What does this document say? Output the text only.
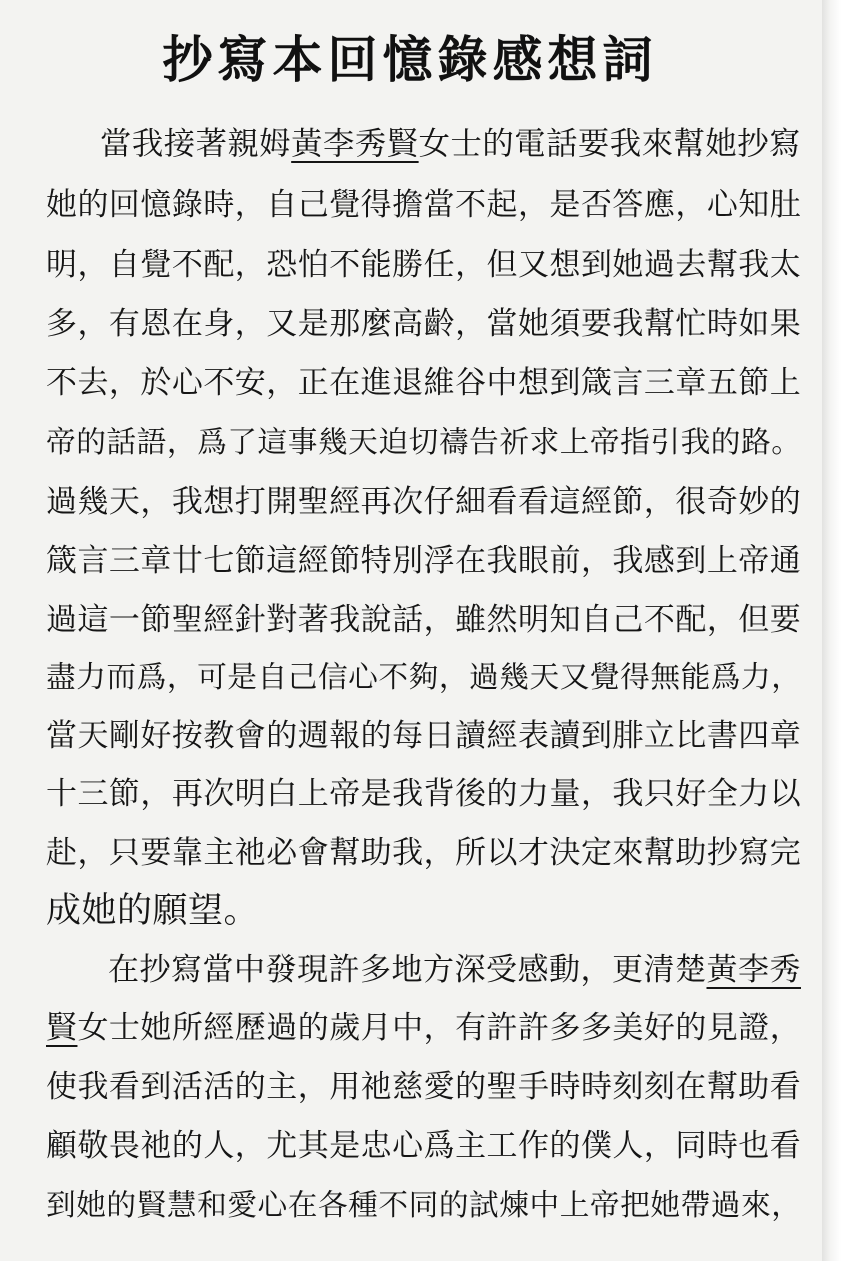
抄寫本回憶錄感想詞
當我接著親姆黃李秀賢女士的電話要我來幫她抄寫
她的回憶錄時，自己覺得擔當不起，是否答應，心知肚
明，自覺不配，恐怕不能勝任，但又想到她過去幫我太
多，有恩在身，又是那麼高齡，當她須要我幫忙時如果
不去，於心不安，正在進退維谷中想到箴言三章五節上
帝的話語，爲了這事幾天迫切禱告祈求上帝指引我的路。
過幾天，我想打開聖經再次仔細看看這經節，很奇妙的
箴言三章廿七節這經節特別浮在我眼前，我感到上帝通
過這一節聖經針對著我說話，雖然明知自己不配，但要
盡力而爲，可是自己信心不夠，過幾天又覺得無能爲力，
當天剛好按教會的週報的每日讀經表讀到腓立比書四章
十三節，再次明白上帝是我背後的力量，我只好全力以
赴，只要靠主祂必會幫助我，所以才決定來幫助抄寫完
成她的願望。
在抄寫當中發現許多地方深受感動，更清楚黃李秀
賢女士她所經歷過的歲月中，有許許多多美好的見證，
使我看到活活的主，用祂慈愛的聖手時時刻刻在幫助看
顧敬畏祂的人，尤其是忠心爲主工作的僕人，同時也看
到她的賢慧和愛心在各種不同的試煉中上帝把她帶過來，
